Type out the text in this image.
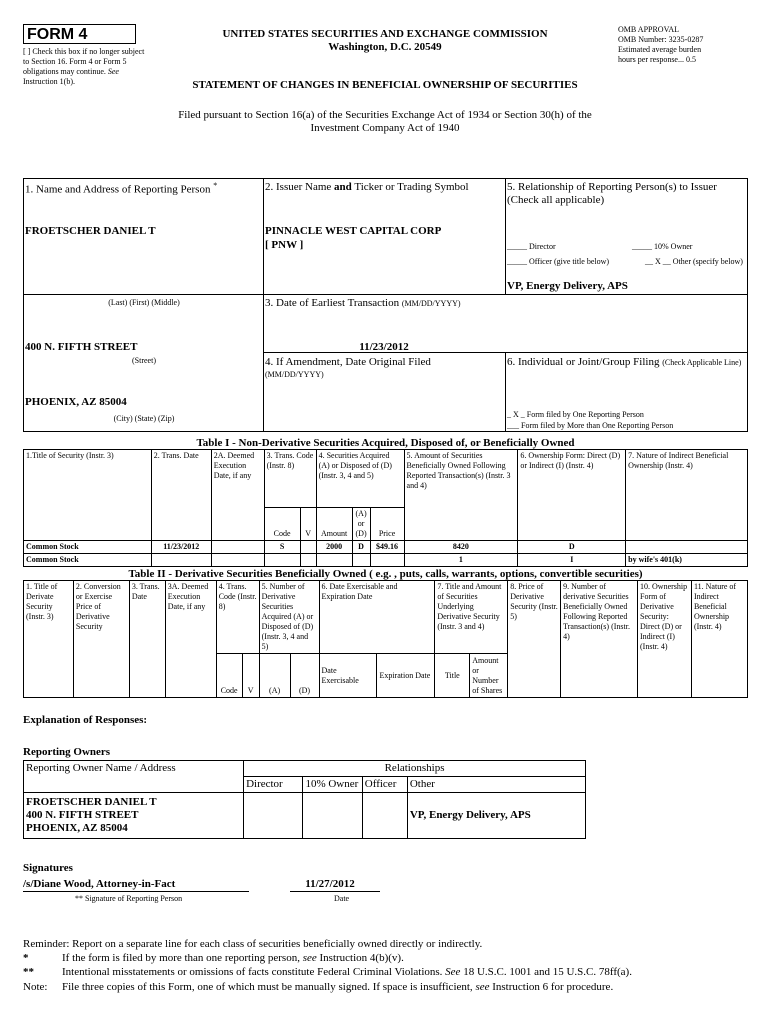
FORM 4
[ ] Check this box if no longer subject to Section 16. Form 4 or Form 5 obligations may continue. See Instruction 1(b).
UNITED STATES SECURITIES AND EXCHANGE COMMISSION
Washington, D.C. 20549
STATEMENT OF CHANGES IN BENEFICIAL OWNERSHIP OF SECURITIES
OMB APPROVAL
OMB Number: 3235-0287
Estimated average burden
hours per response... 0.5
Filed pursuant to Section 16(a) of the Securities Exchange Act of 1934 or Section 30(h) of the
Investment Company Act of 1940
1. Name and Address of Reporting Person *
FROETSCHER DANIEL T
(Last) (First) (Middle)
400 N. FIFTH STREET
(Street)
PHOENIX, AZ 85004
(City) (State) (Zip)
2. Issuer Name and Ticker or Trading Symbol
PINNACLE WEST CAPITAL CORP
[ PNW ]
3. Date of Earliest Transaction (MM/DD/YYYY)
11/23/2012
4. If Amendment, Date Original Filed
(MM/DD/YYYY)
5. Relationship of Reporting Person(s) to Issuer
(Check all applicable)
_____ Director	_____ 10% Owner
_____ Officer (give title below)	__ X __ Other (specify below)
VP, Energy Delivery, APS
6. Individual or Joint/Group Filing (Check Applicable Line)
_ X _ Form filed by One Reporting Person
___ Form filed by More than One Reporting Person
Table I - Non-Derivative Securities Acquired, Disposed of, or Beneficially Owned
1.Title of Security (Instr. 3)	2. Trans. Date	2A. Deemed Execution Date, if any	3. Trans. Code (Instr. 8)		4. Securities Acquired (A) or Disposed of (D) (Instr. 3, 4 and 5)			5. Amount of Securities Beneficially Owned Following Reported Transaction(s) (Instr. 3 and 4)	6. Ownership Form: Direct (D) or Indirect (I) (Instr. 4)	7. Nature of Indirect Beneficial Ownership (Instr. 4)
			Code	V	Amount	(A) or (D)	Price			
Common Stock	11/23/2012		S		2000	D	$49.16	8420	D	
Common Stock								1	I	by wife's 401(k)
Table II - Derivative Securities Beneficially Owned ( e.g. , puts, calls, warrants, options, convertible securities)
1. Title of Derivate Security (Instr. 3)	2. Conversion or Exercise Price of Derivative Security	3. Trans. Date	3A. Deemed Execution Date, if any	4. Trans. Code (Instr. 8)		5. Number of Derivative Securities Acquired (A) or Disposed of (D) (Instr. 3, 4 and 5)		6. Date Exercisable and Expiration Date		7. Title and Amount of Securities Underlying Derivative Security (Instr. 3 and 4)		8. Price of Derivative Security (Instr. 5)	9. Number of derivative Securities Beneficially Owned Following Reported Transaction(s) (Instr. 4)	10. Ownership Form of Derivative Security: Direct (D) or Indirect (I) (Instr. 4)	11. Nature of Indirect Beneficial Ownership (Instr. 4)
				Code	V	(A)	(D)	Date Exercisable	Expiration Date	Title	Amount or Number of Shares				
Explanation of Responses:
Reporting Owners
Reporting Owner Name / Address	Relationships			
	Director	10% Owner	Officer	Other

FROETSCHER DANIEL T
400 N. FIFTH STREET
PHOENIX, AZ 85004				VP, Energy Delivery, APS
Signatures
/s/Diane Wood, Attorney-in-Fact	11/27/2012
** Signature of Reporting Person	Date
Reminder: Report on a separate line for each class of securities beneficially owned directly or indirectly.
*	If the form is filed by more than one reporting person, see Instruction 4(b)(v).
**	Intentional misstatements or omissions of facts constitute Federal Criminal Violations. See 18 U.S.C. 1001 and 15 U.S.C. 78ff(a).
Note: File three copies of this Form, one of which must be manually signed. If space is insufficient, see Instruction 6 for procedure.
